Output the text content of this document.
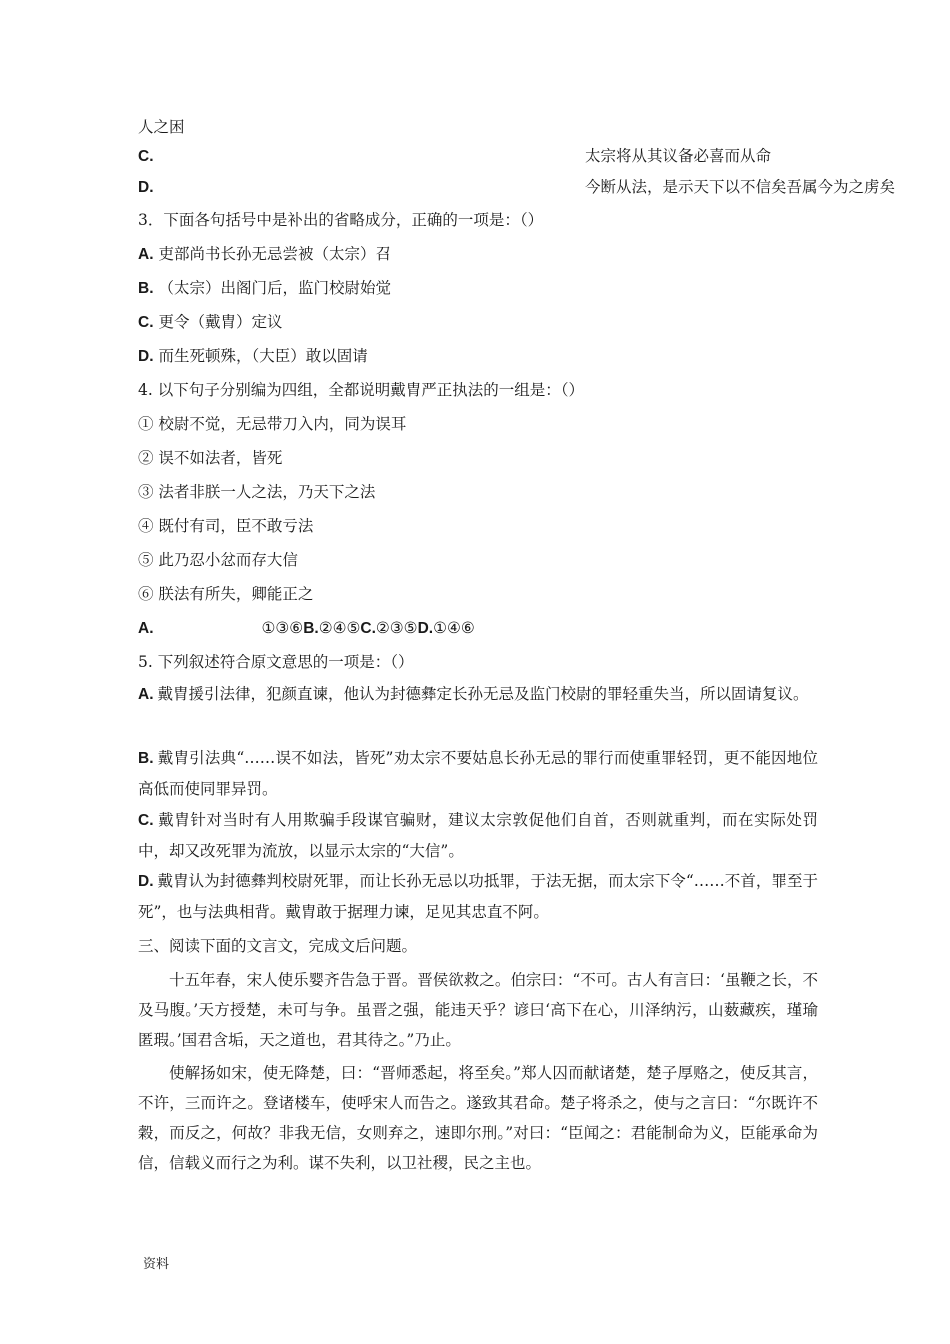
人之困
C.	太宗将从其议备必喜而从命
D.	今断从法，是示天下以不信矣吾属今为之虏矣
3．下面各句括号中是补出的省略成分，正确的一项是：（）
A. 吏部尚书长孙无忌尝被（太宗）召
B. （太宗）出阁门后，监门校尉始觉
C. 更令（戴胄）定议
D. 而生死顿殊，（大臣）敢以固请
4. 以下句子分别编为四组，全都说明戴胄严正执法的一组是：（）
① 校尉不觉，无忌带刀入内，同为误耳
② 误不如法者，皆死
③ 法者非朕一人之法，乃天下之法
④ 既付有司，臣不敢亏法
⑤ 此乃忍小忿而存大信
⑥ 朕法有所失，卿能正之
A.	①③⑥B.②④⑤C.②③⑤D.①④⑥
5. 下列叙述符合原文意思的一项是：（）
A. 戴胄援引法律，犯颜直谏，他认为封德彝定长孙无忌及监门校尉的罪轻重失当，所以固请复议。
B. 戴胄引法典“……误不如法，皆死”劝太宗不要姑息长孙无忌的罪行而使重罪轻罚，更不能因地位高低而使同罪异罚。
C. 戴胄针对当时有人用欺骗手段谋官骗财，建议太宗敦促他们自首，否则就重判，而在实际处罚中，却又改死罪为流放，以显示太宗的“大信”。
D. 戴胄认为封德彝判校尉死罪，而让长孙无忌以功抵罪，于法无据，而太宗下令“……不首，罪至于死”，也与法典相背。戴胄敢于据理力谏，足见其忠直不阿。
三、阅读下面的文言文，完成文后问题。
十五年春，宋人使乐婴齐告急于晋。晋侯欲救之。伯宗曰：“不可。古人有言曰：‘虽鞭之长，不及马腹。’天方授楚，未可与争。虽晋之强，能违天乎？谚曰‘高下在心，川泽纳污，山薮藏疾，瑾瑜匿瑕。’国君含垢，天之道也，君其待之。”乃止。
使解扬如宋，使无降楚，曰：“晋师悉起，将至矣。”郑人囚而献诸楚，楚子厚赂之，使反其言，不许，三而许之。登诸楼车，使呼宋人而告之。遂致其君命。楚子将杀之，使与之言曰：“尔既许不穀，而反之，何故？非我无信，女则弃之，速即尔刑。”对曰：“臣闻之：君能制命为义，臣能承命为信，信载义而行之为利。谋不失利，以卫社稷，民之主也。
资料
